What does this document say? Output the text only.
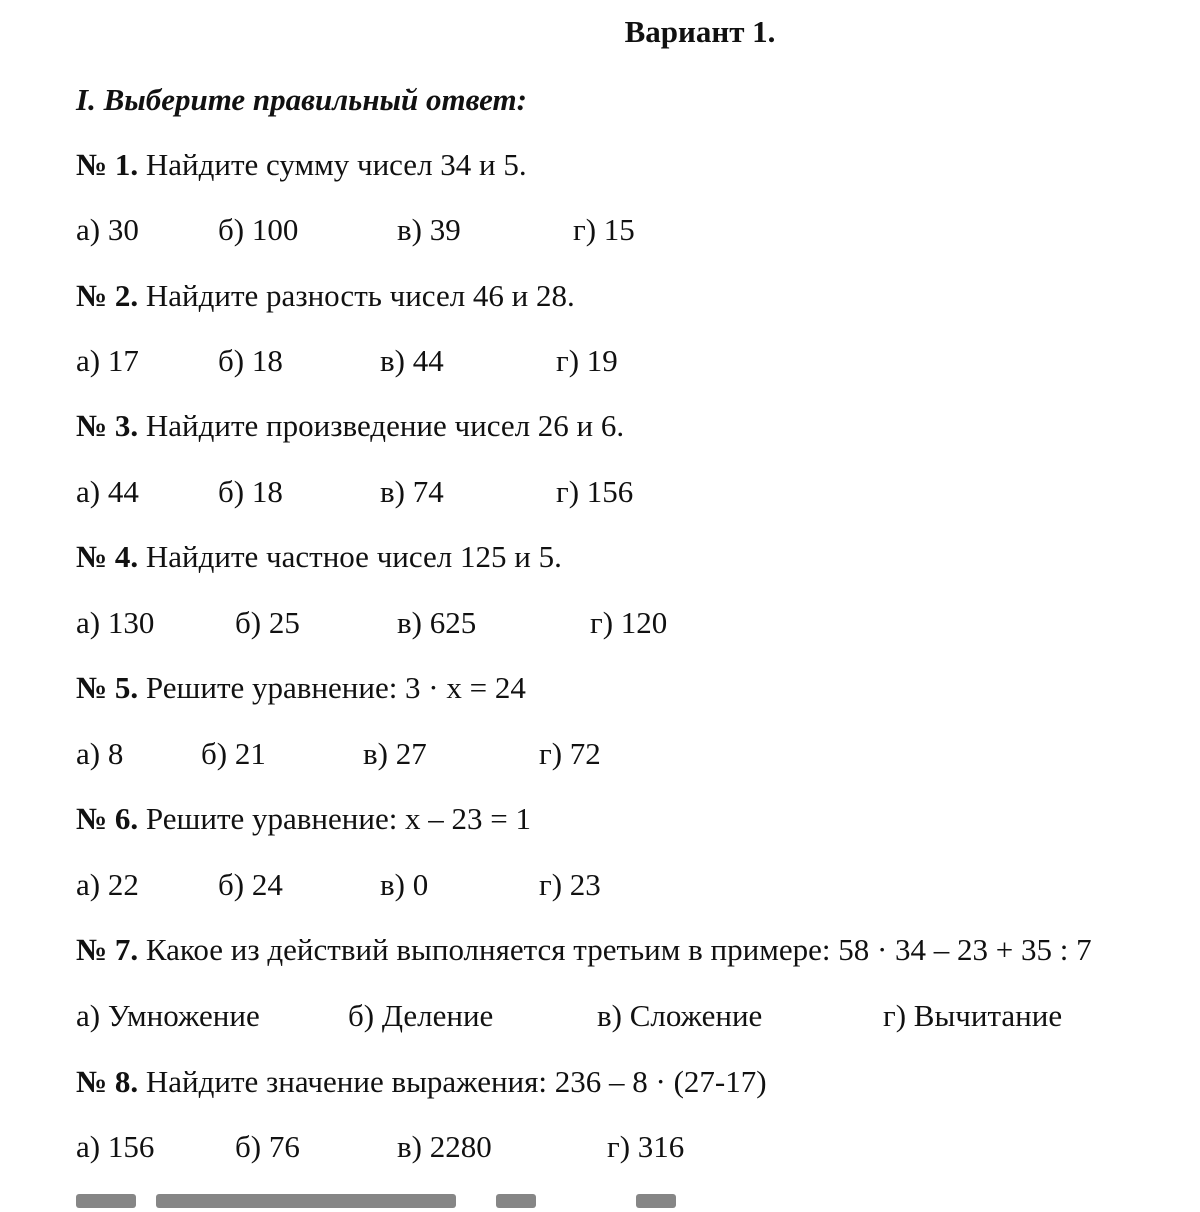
Вариант 1.
I. Выберите правильный ответ:
№ 1. Найдите сумму чисел 34 и 5.
а) 30	б) 100	в) 39	г) 15
№ 2. Найдите разность чисел 46 и 28.
а) 17	б) 18	в) 44	г) 19
№ 3. Найдите произведение чисел 26 и 6.
а) 44	б) 18	в) 74	г) 156
№ 4. Найдите частное чисел 125 и 5.
а) 130	б) 25	в) 625	г) 120
№ 5. Решите уравнение: 3 · x = 24
а) 8	б) 21	в) 27	г) 72
№ 6. Решите уравнение: x – 23 = 1
а) 22	б) 24	в) 0	г) 23
№ 7. Какое из действий выполняется третьим в примере: 58 · 34 – 23 + 35 : 7
а) Умножение	б) Деление	в) Сложение	г) Вычитание
№ 8. Найдите значение выражения: 236 – 8 · (27-17)
а) 156	б) 76	в) 2280	г) 316
